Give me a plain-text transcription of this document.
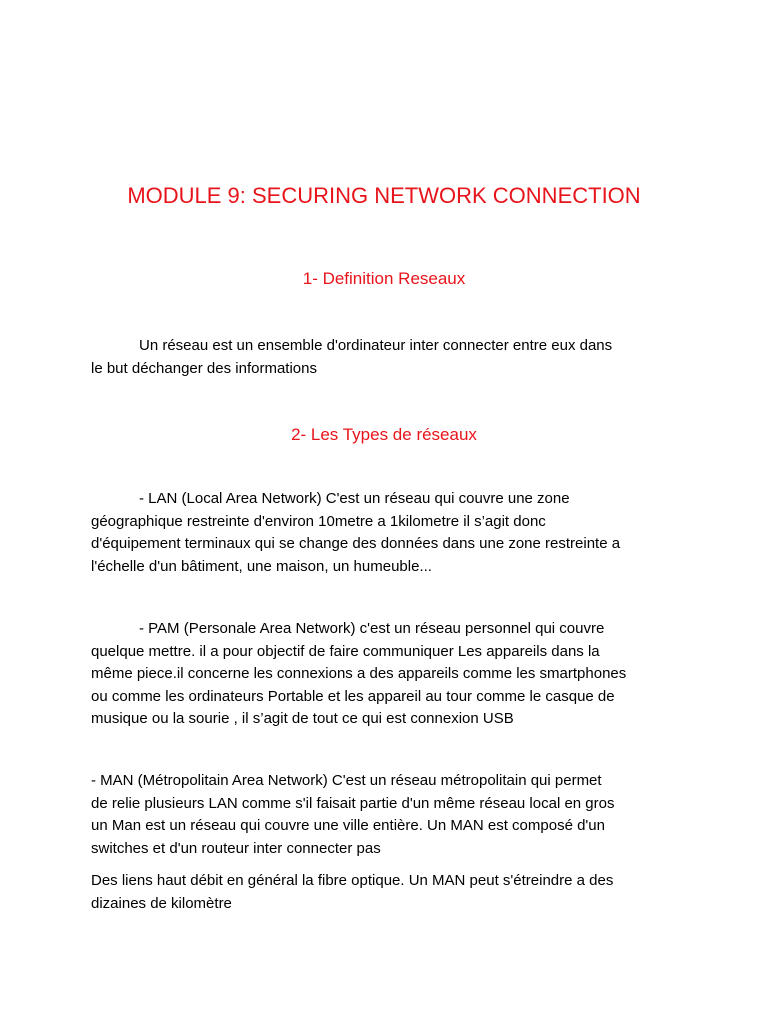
MODULE 9: SECURING NETWORK CONNECTION
1- Definition Reseaux
Un réseau est un ensemble d'ordinateur inter connecter entre eux dans
le but déchanger des informations
2- Les Types de réseaux
- LAN (Local Area Network) C'est un réseau qui couvre une zone
géographique restreinte d'environ 10metre a 1kilometre il s’agit donc
d'équipement terminaux qui se change des données dans une zone restreinte a
l'échelle d'un bâtiment, une maison, un humeuble...
- PAM (Personale Area Network) c'est un réseau personnel qui couvre
quelque mettre. il a pour objectif de faire communiquer Les appareils dans la
même piece.il concerne les connexions a des appareils comme les smartphones
ou comme les ordinateurs Portable et les appareil au tour comme le casque de
musique ou la sourie , il s’agit de tout ce qui est connexion USB
- MAN (Métropolitain Area Network) C'est un réseau métropolitain qui permet
de relie plusieurs LAN comme s'il faisait partie d'un même réseau local en gros
un Man est un réseau qui couvre une ville entière. Un MAN est composé d'un
switches et d'un routeur inter connecter pas
Des liens haut débit en général la fibre optique. Un MAN peut s'étreindre a des
dizaines de kilomètre
